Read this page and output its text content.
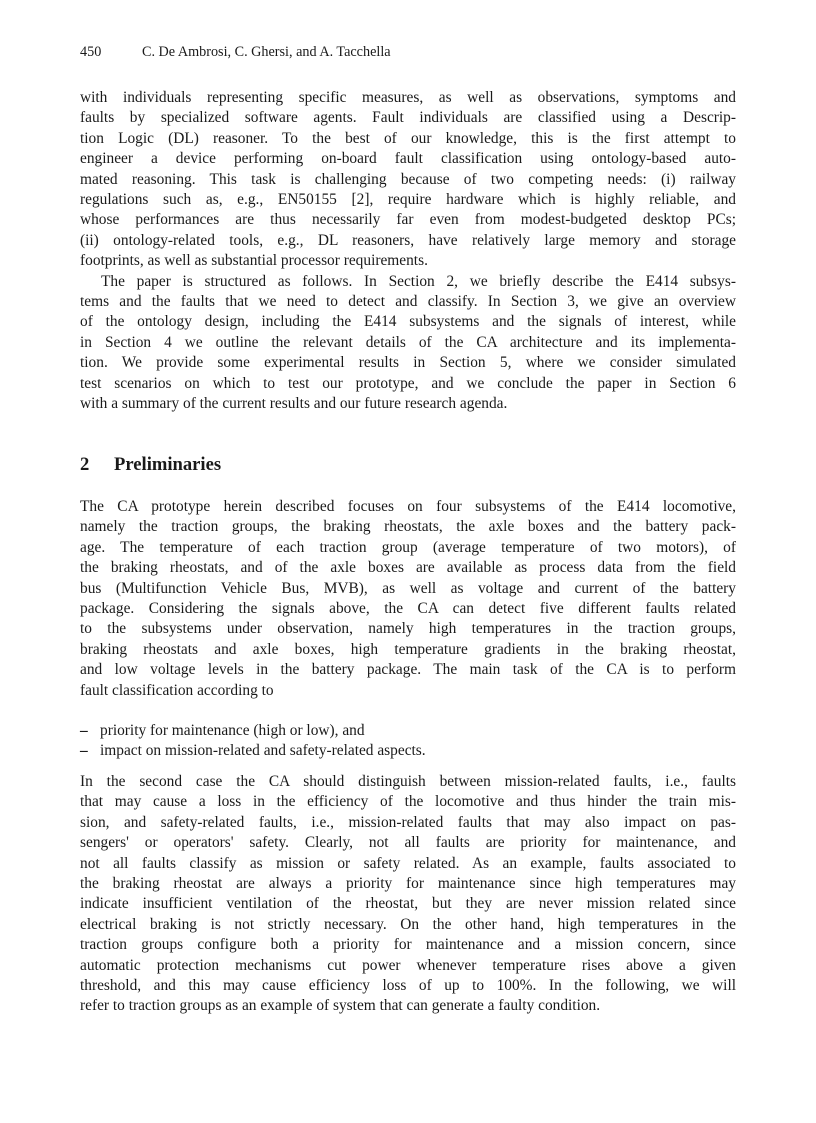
450	C. De Ambrosi, C. Ghersi, and A. Tacchella
with individuals representing specific measures, as well as observations, symptoms and
faults by specialized software agents. Fault individuals are classified using a Descrip-
tion Logic (DL) reasoner. To the best of our knowledge, this is the first attempt to
engineer a device performing on-board fault classification using ontology-based auto-
mated reasoning. This task is challenging because of two competing needs: (i) railway
regulations such as, e.g., EN50155 [2], require hardware which is highly reliable, and
whose performances are thus necessarily far even from modest-budgeted desktop PCs;
(ii) ontology-related tools, e.g., DL reasoners, have relatively large memory and storage
footprints, as well as substantial processor requirements.
The paper is structured as follows. In Section 2, we briefly describe the E414 subsys-
tems and the faults that we need to detect and classify. In Section 3, we give an overview
of the ontology design, including the E414 subsystems and the signals of interest, while
in Section 4 we outline the relevant details of the CA architecture and its implementa-
tion. We provide some experimental results in Section 5, where we consider simulated
test scenarios on which to test our prototype, and we conclude the paper in Section 6
with a summary of the current results and our future research agenda.
2 Preliminaries
The CA prototype herein described focuses on four subsystems of the E414 locomotive,
namely the traction groups, the braking rheostats, the axle boxes and the battery pack-
age. The temperature of each traction group (average temperature of two motors), of
the braking rheostats, and of the axle boxes are available as process data from the field
bus (Multifunction Vehicle Bus, MVB), as well as voltage and current of the battery
package. Considering the signals above, the CA can detect five different faults related
to the subsystems under observation, namely high temperatures in the traction groups,
braking rheostats and axle boxes, high temperature gradients in the braking rheostat,
and low voltage levels in the battery package. The main task of the CA is to perform
fault classification according to
– priority for maintenance (high or low), and
– impact on mission-related and safety-related aspects.
In the second case the CA should distinguish between mission-related faults, i.e., faults
that may cause a loss in the efficiency of the locomotive and thus hinder the train mis-
sion, and safety-related faults, i.e., mission-related faults that may also impact on pas-
sengers' or operators' safety. Clearly, not all faults are priority for maintenance, and
not all faults classify as mission or safety related. As an example, faults associated to
the braking rheostat are always a priority for maintenance since high temperatures may
indicate insufficient ventilation of the rheostat, but they are never mission related since
electrical braking is not strictly necessary. On the other hand, high temperatures in the
traction groups configure both a priority for maintenance and a mission concern, since
automatic protection mechanisms cut power whenever temperature rises above a given
threshold, and this may cause efficiency loss of up to 100%. In the following, we will
refer to traction groups as an example of system that can generate a faulty condition.
